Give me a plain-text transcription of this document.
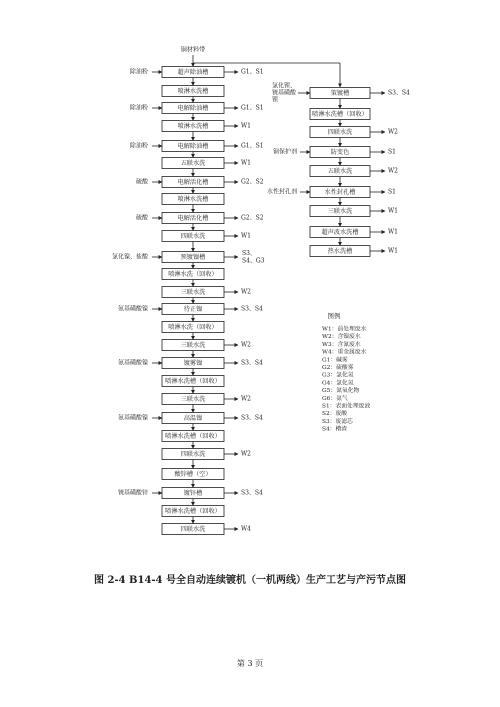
铜材料带
超声除油槽
除油粉	G1、S1
喷淋水洗槽
电解除油槽
除油粉	G1、S1
喷淋水洗槽	W1
电解除油槽
除油粉	G1、S1
五联水洗	W1
电解活化槽
硫酸	G2、S2
喷淋水洗槽
电解活化槽
硫酸	G2、S2
四联水洗	W1
预镀镍槽
氯化镍、盐酸	S3、
S4、G3
喷淋水洗（回收）
三联水洗	W2
待正镍
氨基磺酸镍	S3、S4
喷淋水洗（回收）
三联水洗	W2
镀雾镍
氨基磺酸镍	S3、S4
喷淋水洗槽（回收）
三联水洗	W2
高温镍
氨基磺酸镍	S3、S4
喷淋水洗槽（回收）
四联水洗	W2
酸锌槽（空）
镀锌槽
铳基磺酸锌	S3、S4
喷淋水洗槽（回收）
四联水洗	W4
策镀槽
氯化锂、
铳基磺酸
锂
S3、S4
喷淋水洗槽（回收）
四联水洗	W2
防变色
铜保护剂	S1
五联水洗	W2
水性封孔槽
水性封孔剂	S1
三联水洗	W1
超声波水洗槽	W1
热水洗槽	W1
图例
W1：前处理废水
W2：含镍废水
W3：含氰废水
W4：重金属废水
G1：碱雾
G2：硫酸雾
G3：氯化氢
G4：氯化氢
G5：氮氧化物
G6：氨气
S1：表面处理废液
S2：废酸
S3：废滤芯
S4：槽渣
图 2-4 B14-4 号全自动连续镀机（一机两线）生产工艺与产污节点图
第 3 页
